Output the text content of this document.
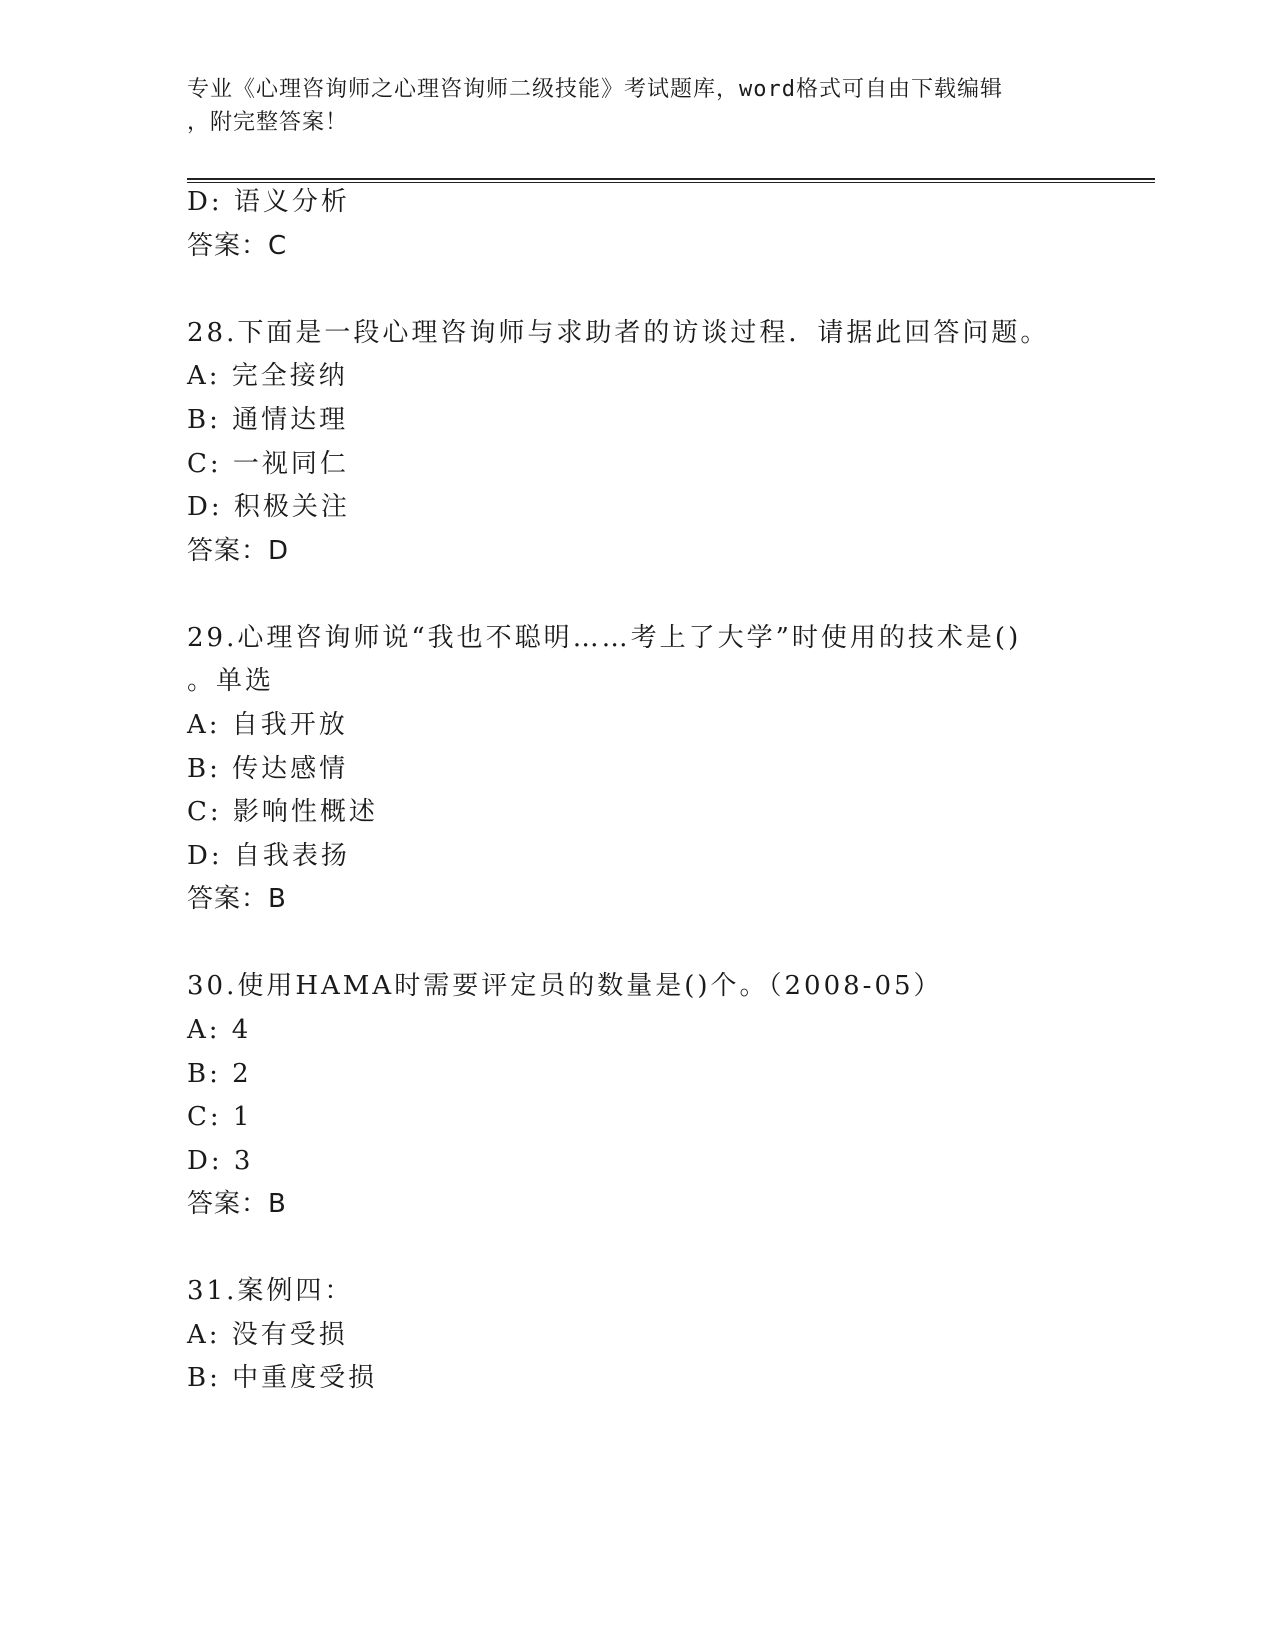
专业《心理咨询师之心理咨询师二级技能》考试题库，word格式可自由下载编辑
，附完整答案！
D: 语义分析
答案：C
28.下面是一段心理咨询师与求助者的访谈过程．请据此回答问题。
A: 完全接纳
B: 通情达理
C: 一视同仁
D: 积极关注
答案：D
29.心理咨询师说“我也不聪明……考上了大学”时使用的技术是()
。单选
A: 自我开放
B: 传达感情
C: 影响性概述
D: 自我表扬
答案：B
30.使用HAMA时需要评定员的数量是()个。（2008-05）
A: 4
B: 2
C: 1
D: 3
答案：B
31.案例四：
A: 没有受损
B: 中重度受损
